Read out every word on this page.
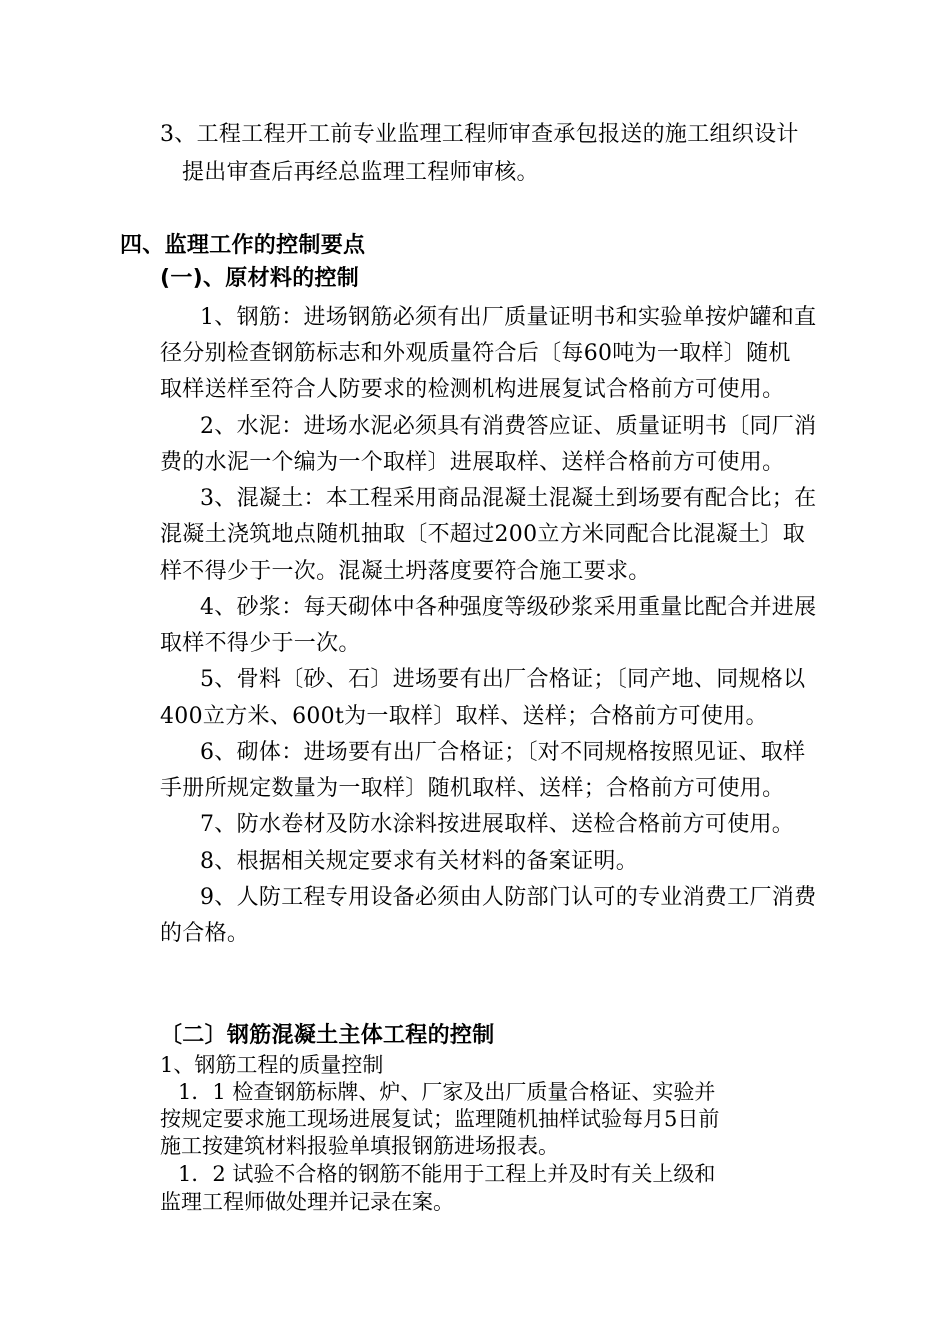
3、工程工程开工前专业监理工程师审查承包报送的施工组织设计
提出审查后再经总监理工程师审核。
四、监理工作的控制要点
(一)、原材料的控制
1、钢筋：进场钢筋必须有出厂质量证明书和实验单按炉罐和直
径分别检查钢筋标志和外观质量符合后〔每60吨为一取样〕随机
取样送样至符合人防要求的检测机构进展复试合格前方可使用。
2、水泥：进场水泥必须具有消费答应证、质量证明书〔同厂消
费的水泥一个编为一个取样〕进展取样、送样合格前方可使用。
3、混凝土：本工程采用商品混凝土混凝土到场要有配合比；在
混凝土浇筑地点随机抽取〔不超过200立方米同配合比混凝土〕取
样不得少于一次。混凝土坍落度要符合施工要求。
4、砂浆：每天砌体中各种强度等级砂浆采用重量比配合并进展
取样不得少于一次。
5、骨料〔砂、石〕进场要有出厂合格证；〔同产地、同规格以
400立方米、600t为一取样〕取样、送样；合格前方可使用。
6、砌体：进场要有出厂合格证；〔对不同规格按照见证、取样
手册所规定数量为一取样〕随机取样、送样；合格前方可使用。
7、防水卷材及防水涂料按进展取样、送检合格前方可使用。
8、根据相关规定要求有关材料的备案证明。
9、人防工程专用设备必须由人防部门认可的专业消费工厂消费
的合格。
〔二〕钢筋混凝土主体工程的控制
1、钢筋工程的质量控制
1．1 检查钢筋标牌、炉、厂家及出厂质量合格证、实验并
按规定要求施工现场进展复试；监理随机抽样试验每月5日前
施工按建筑材料报验单填报钢筋进场报表。
1．2 试验不合格的钢筋不能用于工程上并及时有关上级和
监理工程师做处理并记录在案。
